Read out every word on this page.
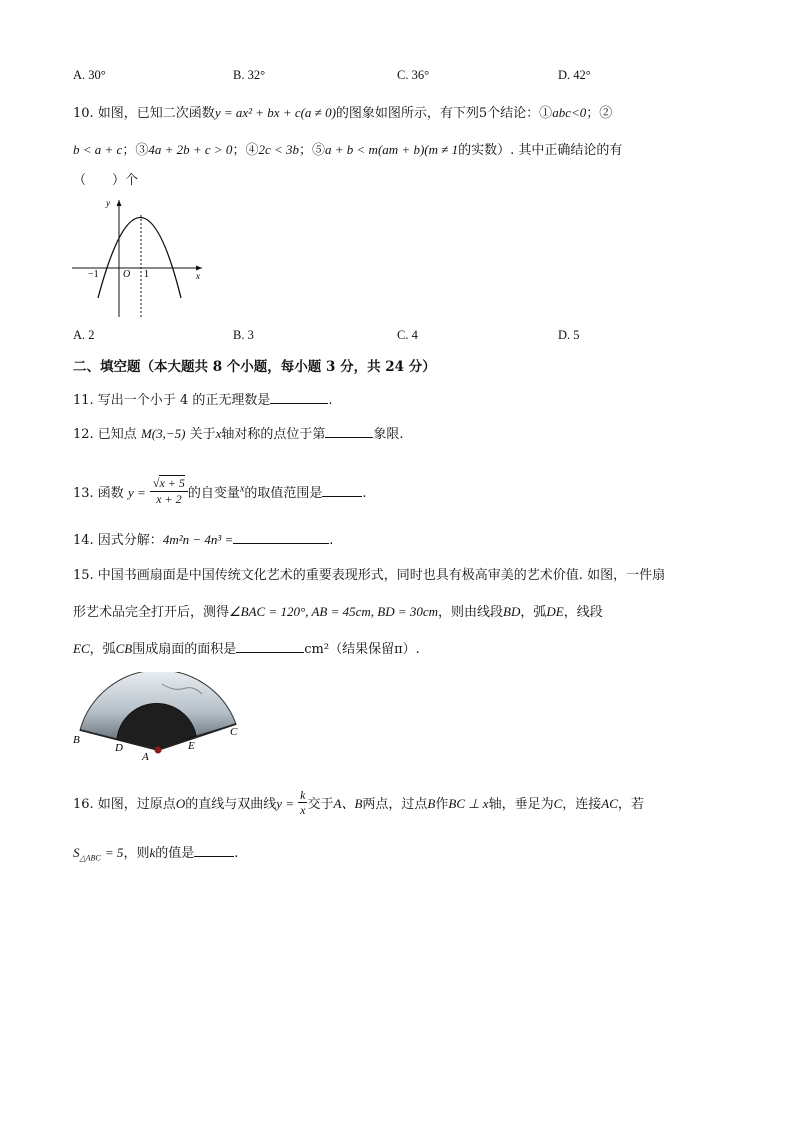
A. 30°	B. 32°	C. 36°	D. 42°
10. 如图，已知二次函数y = ax² + bx + c(a ≠ 0)的图象如图所示，有下列5个结论：①abc<0；②
b < a + c；③4a + 2b + c > 0；④2c < 3b；⑤a + b < m(am + b)(m ≠ 1的实数）. 其中正确结论的有
（　　）个
y
x
O
−1	1
A. 2	B. 3	C. 4	D. 5
二、填空题（本大题共 8 个小题，每小题 3 分，共 24 分）
11. 写出一个小于 4 的正无理数是	.
12. 已知点 M(3,−5) 关于x轴对称的点位于第	象限.
13. 函数 $y = \frac{√x + 5}{x + 2}$ 的自变量$^x$的取值范围是	.
14. 因式分解：4m²n − 4n³ =	.
15. 中国书画扇面是中国传统文化艺术的重要表现形式，同时也具有极高审美的艺术价值. 如图，一件扇
形艺术品完全打开后，测得∠BAC = 120°, AB = 45cm, BD = 30cm，则由线段BD，弧DE，线段
EC，弧CB围成扇面的面积是	cm²（结果保留π）.
B
D
A
E
C
16. 如图，过原点O的直线与双曲线$y = \frac{k}{x}$ 交于A、B两点，过点B作BC ⊥ x轴，垂足为C，连接AC，若
$S_{\triangle ABC} = 5$，则k的值是	.
